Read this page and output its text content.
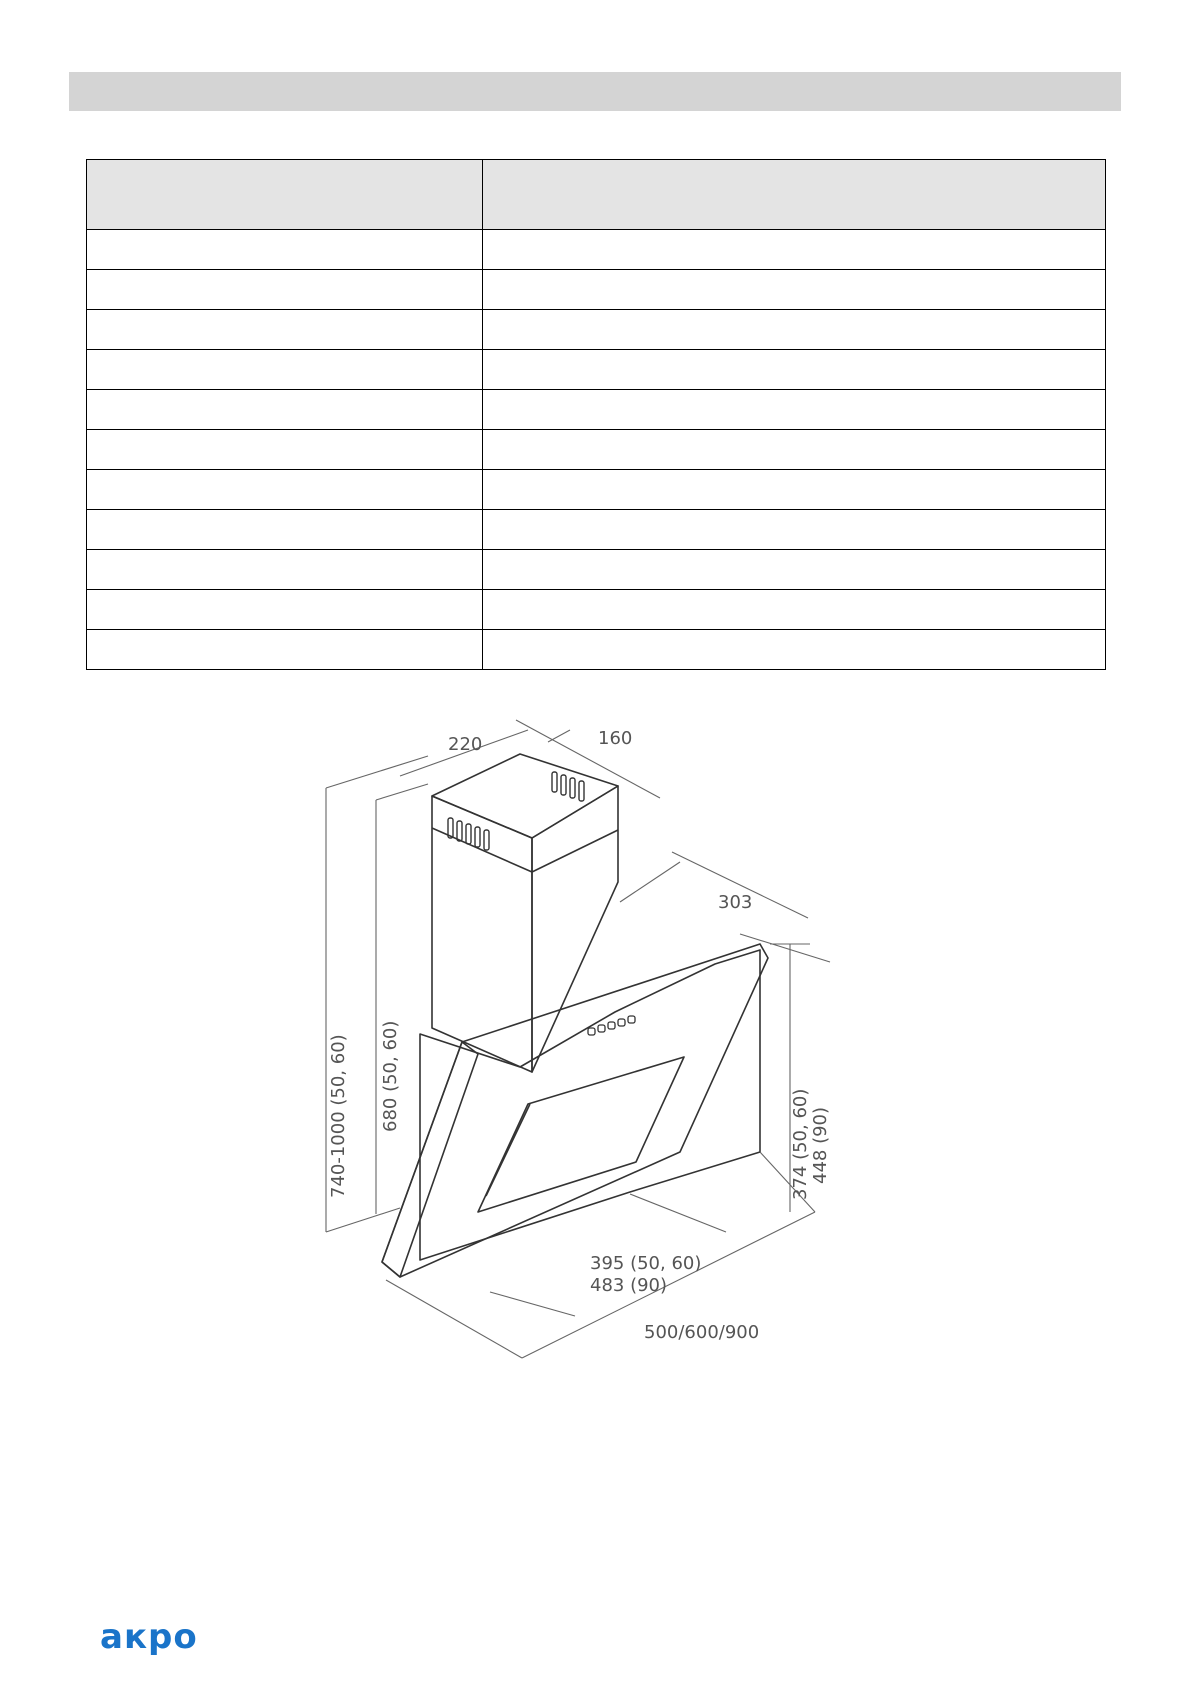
220	160
303
740-1000 (50, 60) 680 (50, 60)
374 (50, 60) 448 (90)
395 (50, 60)
483 (90)
500/600/900
акро
